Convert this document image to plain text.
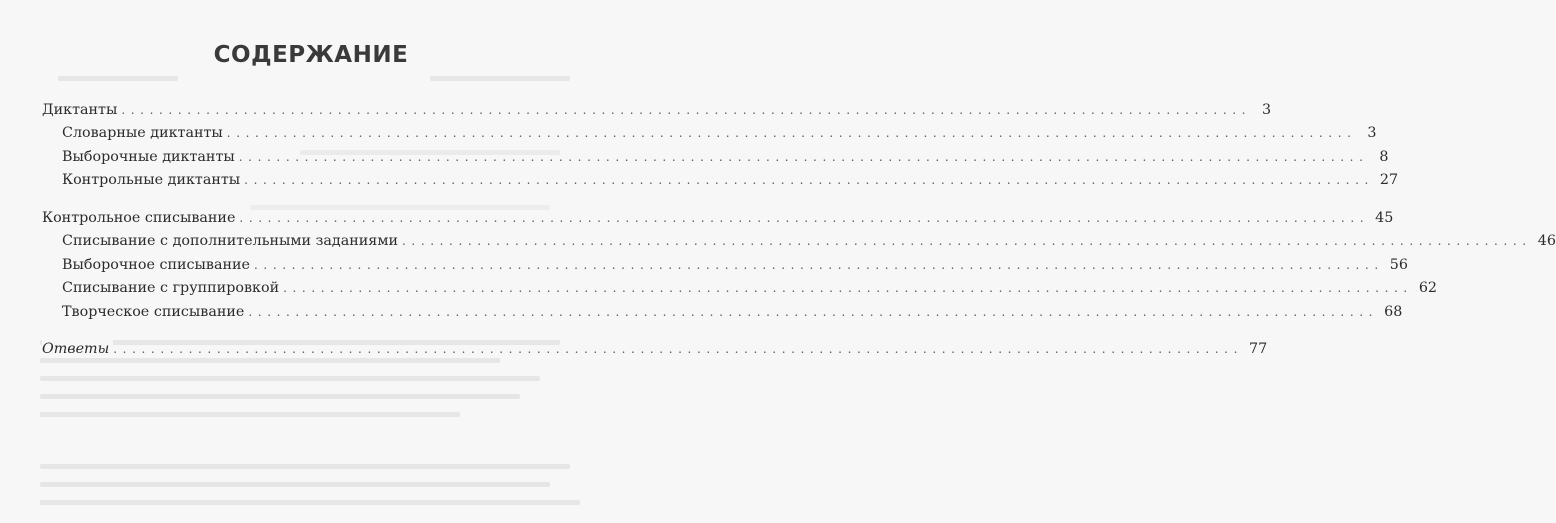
СОДЕРЖАНИЕ
Диктанты ........................................................................................................................ 3
Словарные диктанты ........................................................................................................................ 3
Выборочные диктанты ........................................................................................................................ 8
Контрольные диктанты ........................................................................................................................ 27
Контрольное списывание ........................................................................................................................ 45
Списывание с дополнительными заданиями ........................................................................................................................ 46
Выборочное списывание ........................................................................................................................ 56
Списывание с группировкой ........................................................................................................................ 62
Творческое списывание ........................................................................................................................ 68
Ответы ........................................................................................................................ 77
